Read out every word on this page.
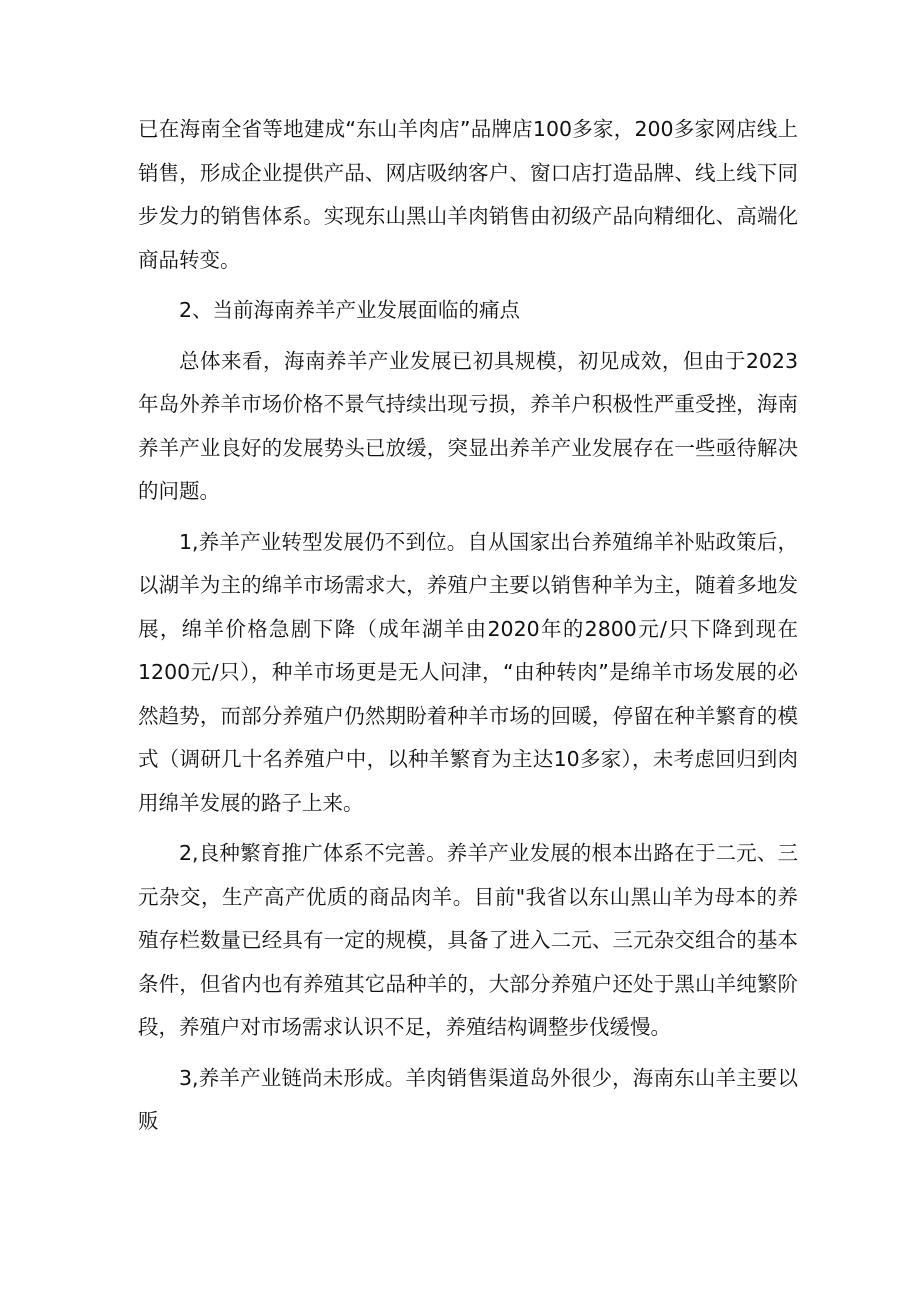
已在海南全省等地建成“东山羊肉店”品牌店100多家，200多家网店线上销售，形成企业提供产品、网店吸纳客户、窗口店打造品牌、线上线下同步发力的销售体系。实现东山黑山羊肉销售由初级产品向精细化、高端化商品转变。

2、当前海南养羊产业发展面临的痛点

总体来看，海南养羊产业发展已初具规模，初见成效，但由于2023年岛外养羊市场价格不景气持续出现亏损，养羊户积极性严重受挫，海南养羊产业良好的发展势头已放缓，突显出养羊产业发展存在一些亟待解决的问题。

1,养羊产业转型发展仍不到位。自从国家出台养殖绵羊补贴政策后，以湖羊为主的绵羊市场需求大，养殖户主要以销售种羊为主，随着多地发展，绵羊价格急剧下降（成年湖羊由2020年的2800元/只下降到现在1200元/只），种羊市场更是无人问津，“由种转肉”是绵羊市场发展的必然趋势，而部分养殖户仍然期盼着种羊市场的回暖，停留在种羊繁育的模式（调研几十名养殖户中，以种羊繁育为主达10多家），未考虑回归到肉用绵羊发展的路子上来。

2,良种繁育推广体系不完善。养羊产业发展的根本出路在于二元、三元杂交，生产高产优质的商品肉羊。目前"我省以东山黑山羊为母本的养殖存栏数量已经具有一定的规模，具备了进入二元、三元杂交组合的基本条件，但省内也有养殖其它品种羊的，大部分养殖户还处于黑山羊纯繁阶段，养殖户对市场需求认识不足，养殖结构调整步伐缓慢。

3,养羊产业链尚未形成。羊肉销售渠道岛外很少，海南东山羊主要以贩
